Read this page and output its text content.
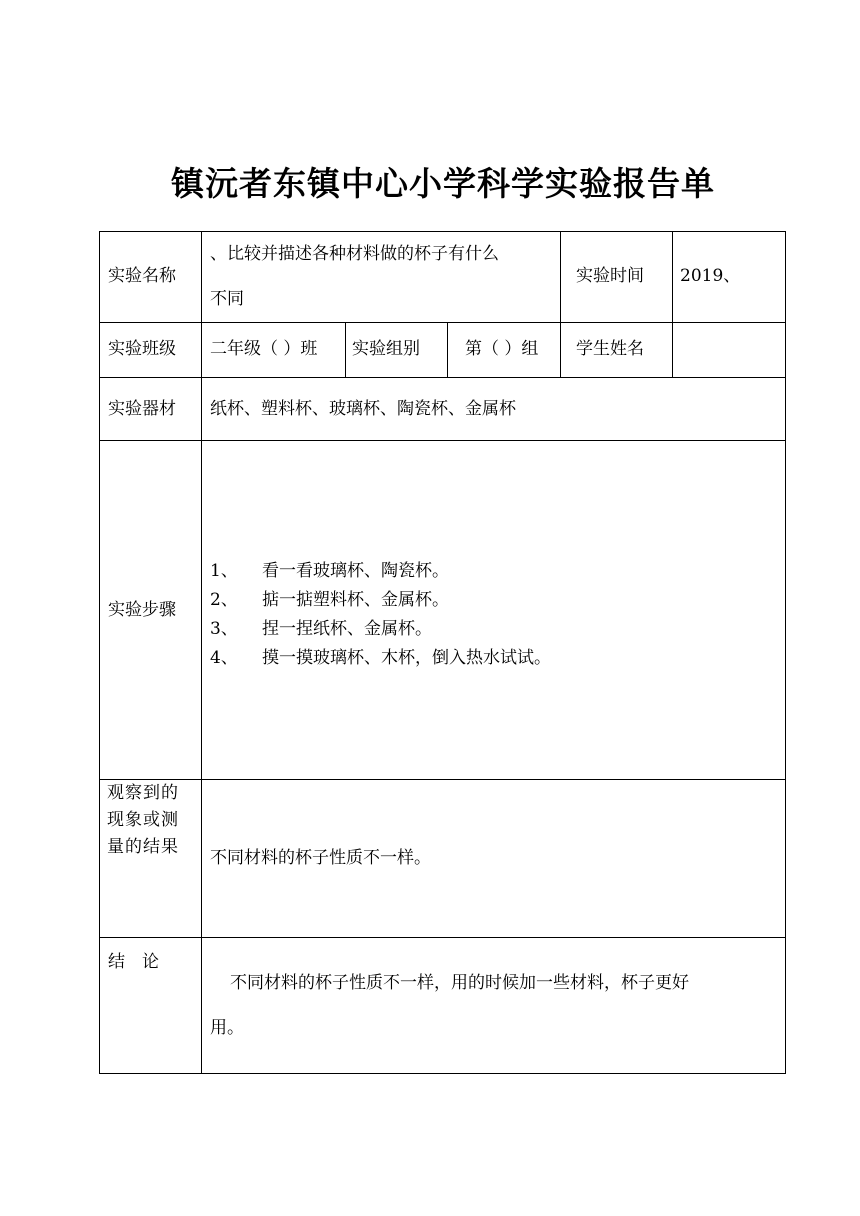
镇沅者东镇中心小学科学实验报告单
实验名称
、比较并描述各种材料做的杯子有什么
不同
实验时间 2019、
实验班级 二年级（ ）班 实验组别	第（ ）组 学生姓名
实验器材 纸杯、塑料杯、玻璃杯、陶瓷杯、金属杯
实验步骤
1、 看一看玻璃杯、陶瓷杯。
2、 掂一掂塑料杯、金属杯。
3、 捏一捏纸杯、金属杯。
4、 摸一摸玻璃杯、木杯，倒入热水试试。
观察到的
现象或测
量的结果
不同材料的杯子性质不一样。
结　论
不同材料的杯子性质不一样，用的时候加一些材料，杯子更好
用。
